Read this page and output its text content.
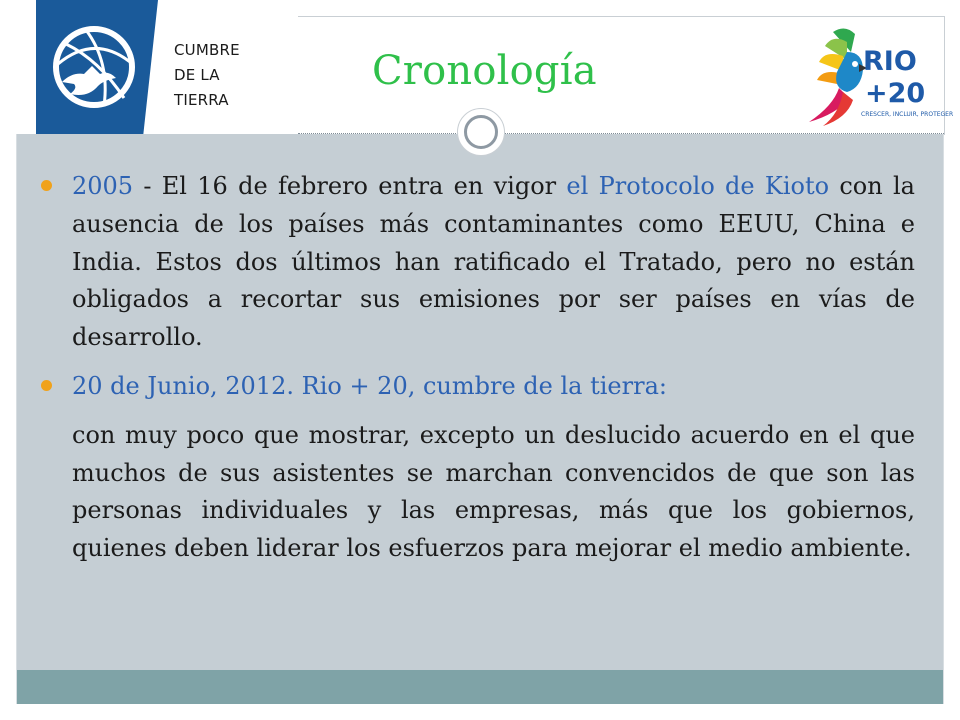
CUMBRE
DE LA
TIERRA
Cronología	RIO
+20
CRESCER, INCLUIR, PROTEGER
2005 - El 16 de febrero entra en vigor el Protocolo de Kioto con la ausencia de los países más contaminantes como EEUU, China e India. Estos dos últimos han ratificado el Tratado, pero no están obligados a recortar sus emisiones por ser países en vías de desarrollo.
20 de Junio, 2012. Rio + 20, cumbre de la tierra:
con muy poco que mostrar, excepto un deslucido acuerdo en el que muchos de sus asistentes se marchan convencidos de que son las personas individuales y las empresas, más que los gobiernos, quienes deben liderar los esfuerzos para mejorar el medio ambiente.
